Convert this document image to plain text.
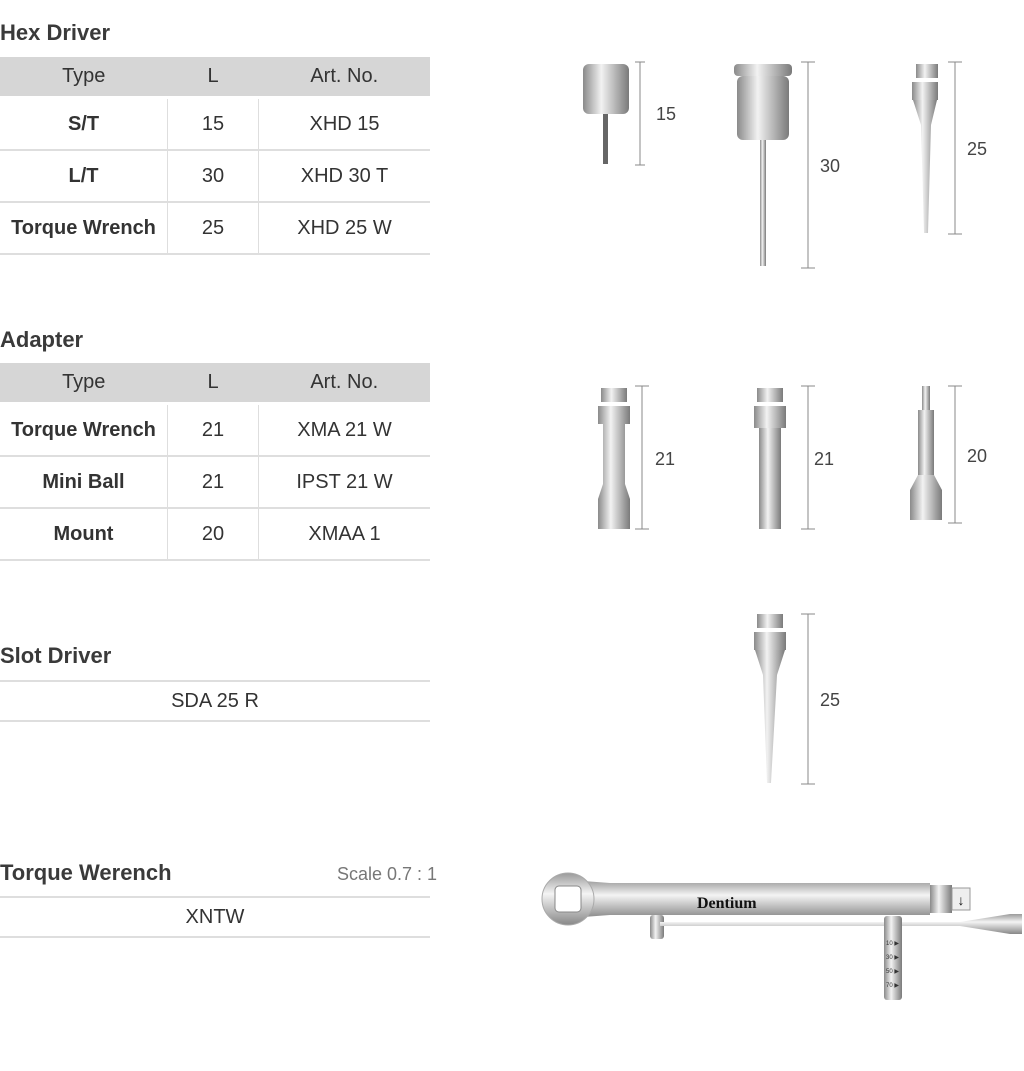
Hex Driver
Type	L	Art. No.
S/T	15	XHD 15
L/T	30	XHD 30 T
Torque Wrench	25	XHD 25 W
Adapter
Type	L	Art. No.
Torque Wrench	21	XMA 21 W
Mini Ball	21	IPST 21 W
Mount	20	XMAA 1
Slot Driver
SDA 25 R
Torque Werench	Scale 0.7 : 1
XNTW
↓
Dentium
10 ▶
30 ▶
50 ▶
70 ▶
15
30
25
21	21	20
25
